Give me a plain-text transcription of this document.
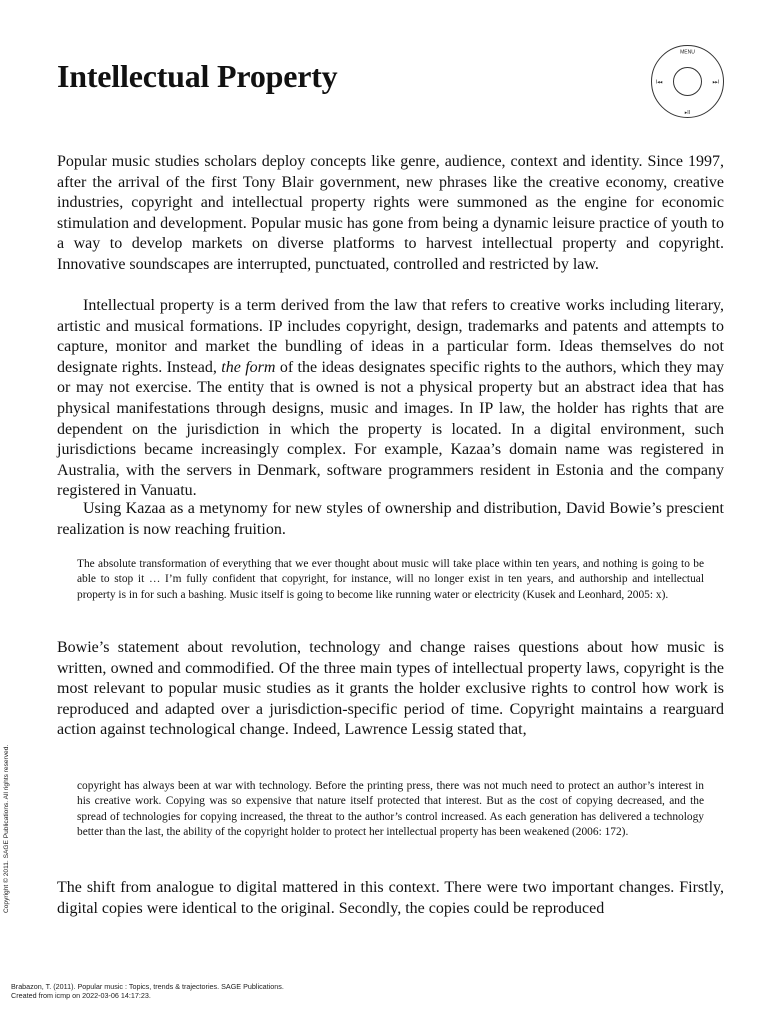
Intellectual Property
MENU
I◂◂	▸▸I
▸II

Popular music studies scholars deploy concepts like genre, audience, context and identity. Since 1997, after the arrival of the first Tony Blair government, new phrases like the creative economy, creative industries, copyright and intellectual property rights were summoned as the engine for economic stimulation and development. Popular music has gone from being a dynamic leisure practice of youth to a way to develop markets on diverse platforms to harvest intellectual property and copyright. Innovative soundscapes are interrupted, punctuated, controlled and restricted by law.

Intellectual property is a term derived from the law that refers to creative works including literary, artistic and musical formations. IP includes copyright, design, trademarks and patents and attempts to capture, monitor and market the bundling of ideas in a particular form. Ideas themselves do not designate rights. Instead, the form of the ideas designates specific rights to the authors, which they may or may not exercise. The entity that is owned is not a physical property but an abstract idea that has physical manifestations through designs, music and images. In IP law, the holder has rights that are dependent on the jurisdiction in which the property is located. In a digital environment, such jurisdictions became increasingly complex. For example, Kazaa’s domain name was registered in Australia, with the servers in Denmark, software programmers resident in Estonia and the company registered in Vanuatu.

Using Kazaa as a metynomy for new styles of ownership and distribution, David Bowie’s prescient realization is now reaching fruition.

The absolute transformation of everything that we ever thought about music will take place within ten years, and nothing is going to be able to stop it … I’m fully confident that copyright, for instance, will no longer exist in ten years, and authorship and intellectual property is in for such a bashing. Music itself is going to become like running water or electricity (Kusek and Leonhard, 2005: x).

Bowie’s statement about revolution, technology and change raises questions about how music is written, owned and commodified. Of the three main types of intellectual property laws, copyright is the most relevant to popular music studies as it grants the holder exclusive rights to control how work is reproduced and adapted over a jurisdiction-specific period of time. Copyright maintains a rearguard action against technological change. Indeed, Lawrence Lessig stated that,

copyright has always been at war with technology. Before the printing press, there was not much need to protect an author’s interest in his creative work. Copying was so expensive that nature itself protected that interest. But as the cost of copying decreased, and the spread of technologies for copying increased, the threat to the author’s control increased. As each generation has delivered a technology better than the last, the ability of the copyright holder to protect her intellectual property has been weakened (2006: 172).

The shift from analogue to digital mattered in this context. There were two important changes. Firstly, digital copies were identical to the original. Secondly, the copies could be reproduced

Copyright © 2011. SAGE Publications. All rights reserved.
Brabazon, T. (2011). Popular music : Topics, trends & trajectories. SAGE Publications.
Created from icmp on 2022-03-06 14:17:23.
